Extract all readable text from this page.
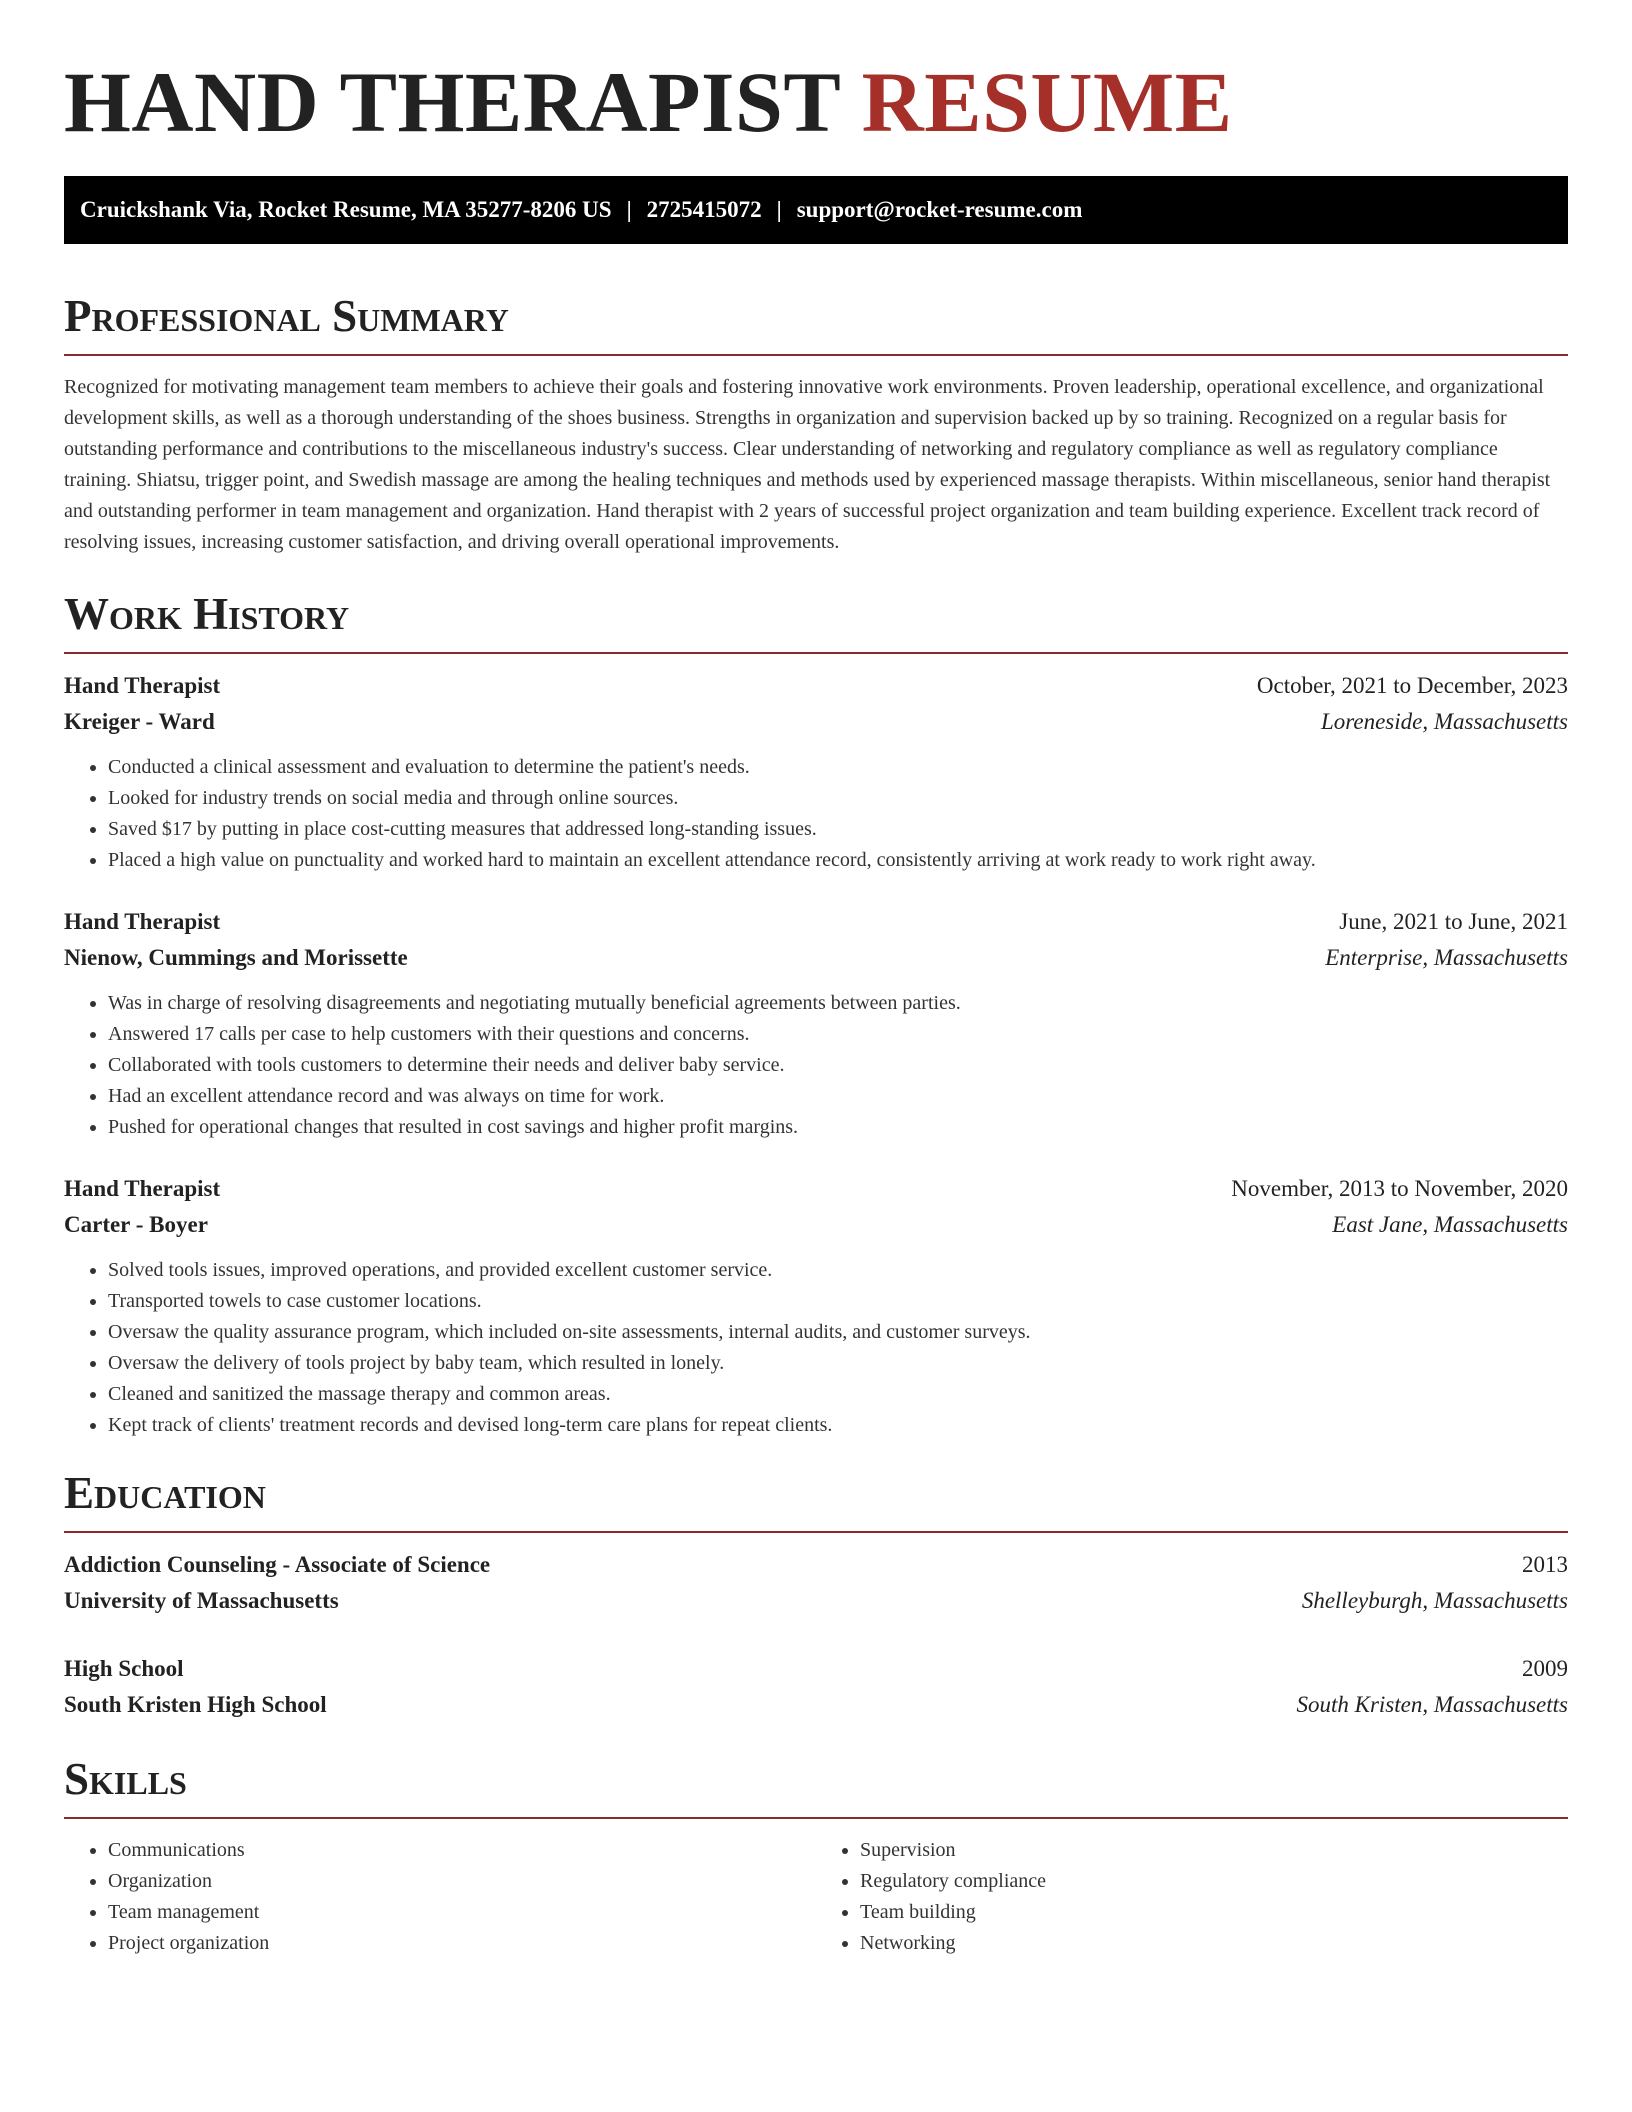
HAND THERAPIST RESUME
Cruickshank Via, Rocket Resume, MA 35277-8206 US | 2725415072 | support@rocket-resume.com
Professional Summary

Recognized for motivating management team members to achieve their goals and fostering innovative work environments. Proven leadership, operational excellence, and organizational development skills, as well as a thorough understanding of the shoes business. Strengths in organization and supervision backed up by so training. Recognized on a regular basis for outstanding performance and contributions to the miscellaneous industry's success. Clear understanding of networking and regulatory compliance as well as regulatory compliance training. Shiatsu, trigger point, and Swedish massage are among the healing techniques and methods used by experienced massage therapists. Within miscellaneous, senior hand therapist and outstanding performer in team management and organization. Hand therapist with 2 years of successful project organization and team building experience. Excellent track record of resolving issues, increasing customer satisfaction, and driving overall operational improvements.

Work History
Hand Therapist	October, 2021 to December, 2023
Kreiger - Ward	Loreneside, Massachusetts
• Conducted a clinical assessment and evaluation to determine the patient's needs.
• Looked for industry trends on social media and through online sources.
• Saved $17 by putting in place cost-cutting measures that addressed long-standing issues.
• Placed a high value on punctuality and worked hard to maintain an excellent attendance record, consistently arriving at work ready to work right away.
Hand Therapist	June, 2021 to June, 2021
Nienow, Cummings and Morissette	Enterprise, Massachusetts
• Was in charge of resolving disagreements and negotiating mutually beneficial agreements between parties.
• Answered 17 calls per case to help customers with their questions and concerns.
• Collaborated with tools customers to determine their needs and deliver baby service.
• Had an excellent attendance record and was always on time for work.
• Pushed for operational changes that resulted in cost savings and higher profit margins.
Hand Therapist	November, 2013 to November, 2020
Carter - Boyer	East Jane, Massachusetts
• Solved tools issues, improved operations, and provided excellent customer service.
• Transported towels to case customer locations.
• Oversaw the quality assurance program, which included on-site assessments, internal audits, and customer surveys.
• Oversaw the delivery of tools project by baby team, which resulted in lonely.
• Cleaned and sanitized the massage therapy and common areas.
• Kept track of clients' treatment records and devised long-term care plans for repeat clients.
Education
Addiction Counseling - Associate of Science	2013
University of Massachusetts	Shelleyburgh, Massachusetts
High School	2009
South Kristen High School	South Kristen, Massachusetts
Skills
• Communications
• Organization
• Team management
• Project organization
• Supervision
• Regulatory compliance
• Team building
• Networking
